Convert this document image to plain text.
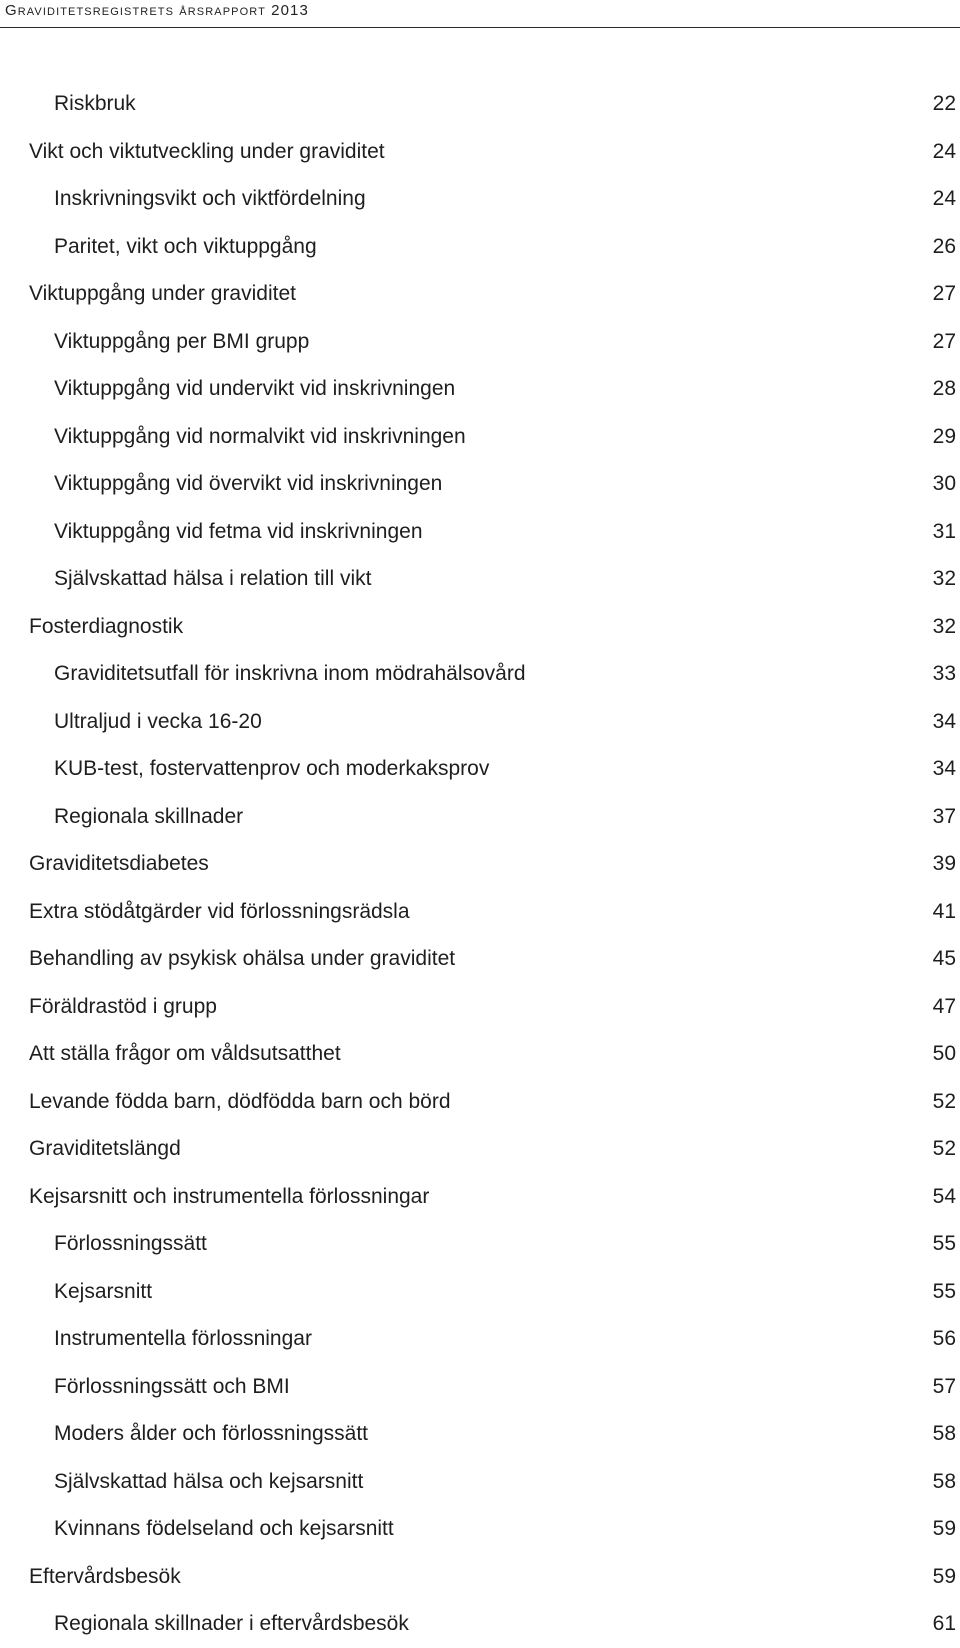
Graviditetsregistrets årsrapport 2013
Riskbruk	22
Vikt och viktutveckling under graviditet	24
Inskrivningsvikt och viktfördelning	24
Paritet, vikt och viktuppgång	26
Viktuppgång under graviditet	27
Viktuppgång per BMI grupp	27
Viktuppgång vid undervikt vid inskrivningen	28
Viktuppgång vid normalvikt vid inskrivningen	29
Viktuppgång vid övervikt vid inskrivningen	30
Viktuppgång vid fetma vid inskrivningen	31
Självskattad hälsa i relation till vikt	32
Fosterdiagnostik	32
Graviditetsutfall för inskrivna inom mödrahälsovård	33
Ultraljud i vecka 16-20	34
KUB-test, fostervattenprov och moderkaksprov	34
Regionala skillnader	37
Graviditetsdiabetes	39
Extra stödåtgärder vid förlossningsrädsla	41
Behandling av psykisk ohälsa under graviditet	45
Föräldrastöd i grupp	47
Att ställa frågor om våldsutsatthet	50
Levande födda barn, dödfödda barn och börd	52
Graviditetslängd	52
Kejsarsnitt och instrumentella förlossningar	54
Förlossningssätt	55
Kejsarsnitt	55
Instrumentella förlossningar	56
Förlossningssätt och BMI	57
Moders ålder och förlossningssätt	58
Självskattad hälsa och kejsarsnitt	58
Kvinnans födelseland och kejsarsnitt	59
Eftervårdsbesök	59
Regionala skillnader i eftervårdsbesök	61
